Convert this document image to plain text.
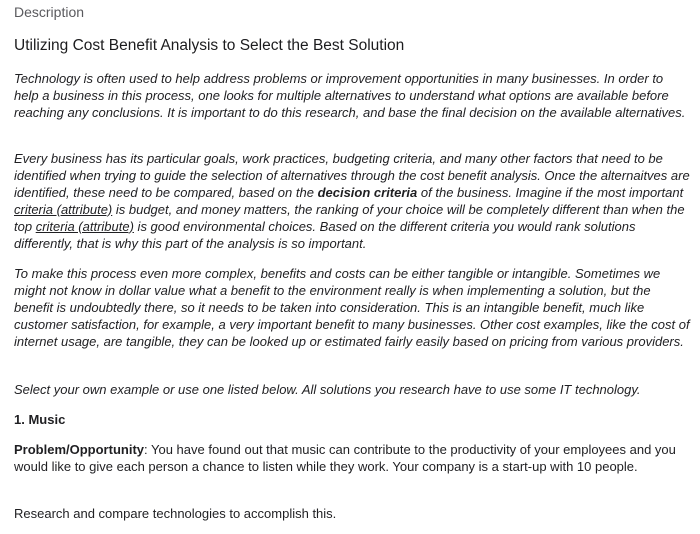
Description
Utilizing Cost Benefit Analysis to Select the Best Solution
Technology is often used to help address problems or improvement opportunities in many businesses. In order to help a business in this process, one looks for multiple alternatives to understand what options are available before reaching any conclusions. It is important to do this research, and base the final decision on the available alternatives.
Every business has its particular goals, work practices, budgeting criteria, and many other factors that need to be identified when trying to guide the selection of alternatives through the cost benefit analysis. Once the alternaitves are identified, these need to be compared, based on the decision criteria of the business. Imagine if the most important criteria (attribute) is budget, and money matters, the ranking of your choice will be completely different than when the top criteria (attribute) is good environmental choices. Based on the different criteria you would rank solutions differently, that is why this part of the analysis is so important.
To make this process even more complex, benefits and costs can be either tangible or intangible. Sometimes we might not know in dollar value what a benefit to the environment really is when implementing a solution, but the benefit is undoubtedly there, so it needs to be taken into consideration. This is an intangible benefit, much like customer satisfaction, for example, a very important benefit to many businesses. Other cost examples, like the cost of internet usage, are tangible, they can be looked up or estimated fairly easily based on pricing from various providers.
Select your own example or use one listed below. All solutions you research have to use some IT technology.
1. Music
Problem/Opportunity: You have found out that music can contribute to the productivity of your employees and you would like to give each person a chance to listen while they work. Your company is a start-up with 10 people.
Research and compare technologies to accomplish this.
